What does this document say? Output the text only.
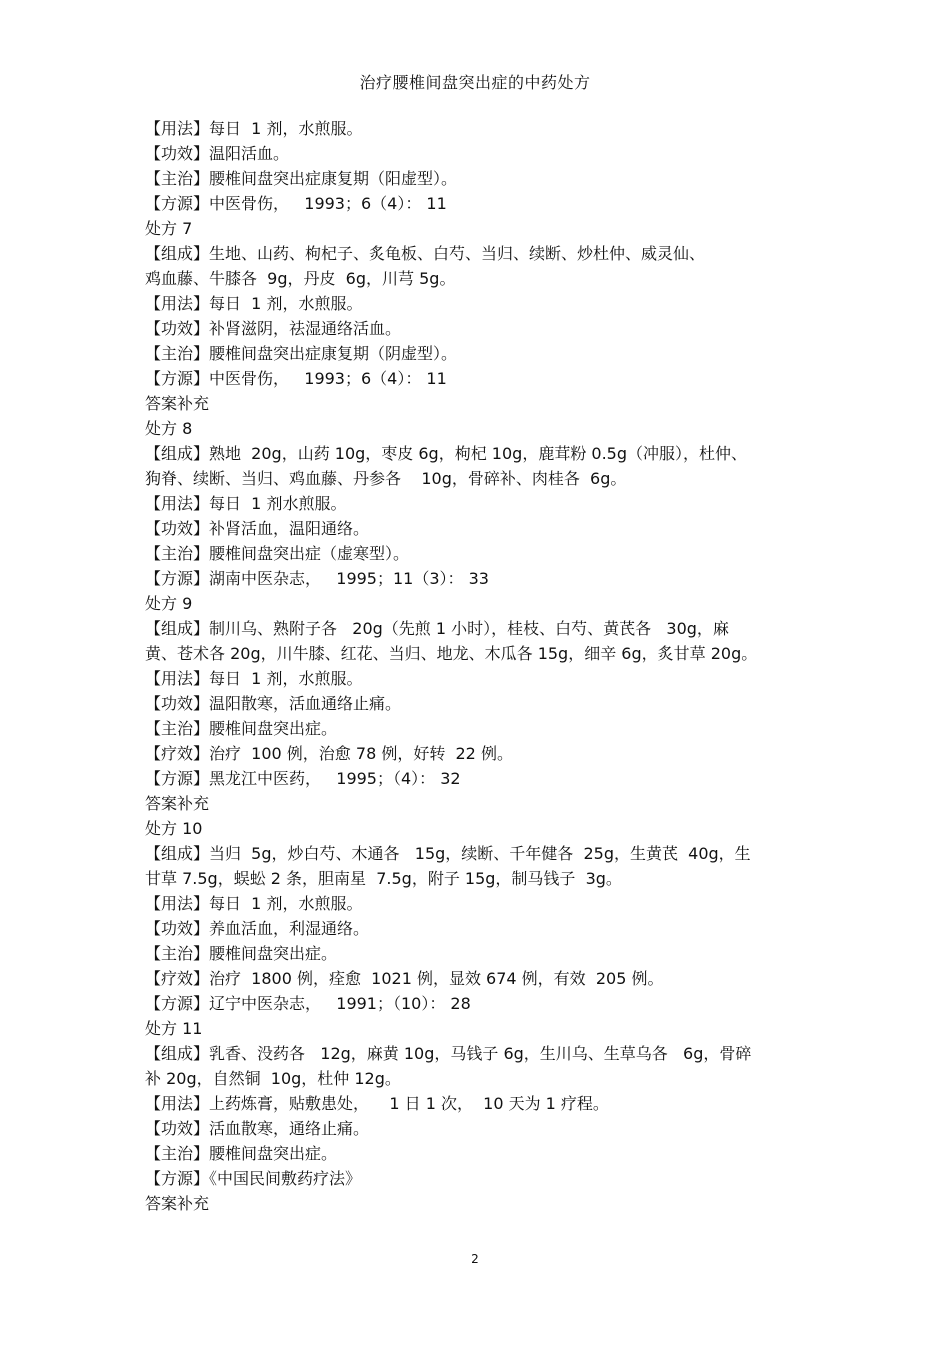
治疗腰椎间盘突出症的中药处方
【用法】每日  1 剂，水煎服。
【功效】温阳活血。
【主治】腰椎间盘突出症康复期（阳虚型）。
【方源】中医骨伤，   1993；6（4）： 11
处方 7
【组成】生地、山药、枸杞子、炙龟板、白芍、当归、续断、炒杜仲、威灵仙、
鸡血藤、牛膝各  9g，丹皮  6g，川芎 5g。
【用法】每日  1 剂，水煎服。
【功效】补肾滋阴，祛湿通络活血。
【主治】腰椎间盘突出症康复期（阴虚型）。
【方源】中医骨伤，   1993；6（4）： 11
答案补充
处方 8
【组成】熟地  20g，山药 10g，枣皮 6g，枸杞 10g，鹿茸粉 0.5g（冲服），杜仲、
狗脊、续断、当归、鸡血藤、丹参各    10g，骨碎补、肉桂各  6g。
【用法】每日  1 剂水煎服。
【功效】补肾活血，温阳通络。
【主治】腰椎间盘突出症（虚寒型）。
【方源】湖南中医杂志，   1995；11（3）： 33
处方 9
【组成】制川乌、熟附子各   20g（先煎 1 小时），桂枝、白芍、黄芪各   30g，麻
黄、苍术各 20g，川牛膝、红花、当归、地龙、木瓜各 15g，细辛 6g，炙甘草 20g。
【用法】每日  1 剂，水煎服。
【功效】温阳散寒，活血通络止痛。
【主治】腰椎间盘突出症。
【疗效】治疗  100 例，治愈 78 例，好转  22 例。
【方源】黑龙江中医药，   1995；（4）： 32
答案补充
处方 10
【组成】当归  5g，炒白芍、木通各   15g，续断、千年健各  25g，生黄芪  40g，生
甘草 7.5g，蜈蚣 2 条，胆南星  7.5g，附子 15g，制马钱子  3g。
【用法】每日  1 剂，水煎服。
【功效】养血活血，利湿通络。
【主治】腰椎间盘突出症。
【疗效】治疗  1800 例，痊愈  1021 例，显效 674 例，有效  205 例。
【方源】辽宁中医杂志，   1991；（10）： 28
处方 11
【组成】乳香、没药各   12g，麻黄 10g，马钱子 6g，生川乌、生草乌各   6g，骨碎
补 20g，自然铜  10g，杜仲 12g。
【用法】上药炼膏，贴敷患处，    1 日 1 次，  10 天为 1 疗程。
【功效】活血散寒，通络止痛。
【主治】腰椎间盘突出症。
【方源】《中国民间敷药疗法》
答案补充
2
